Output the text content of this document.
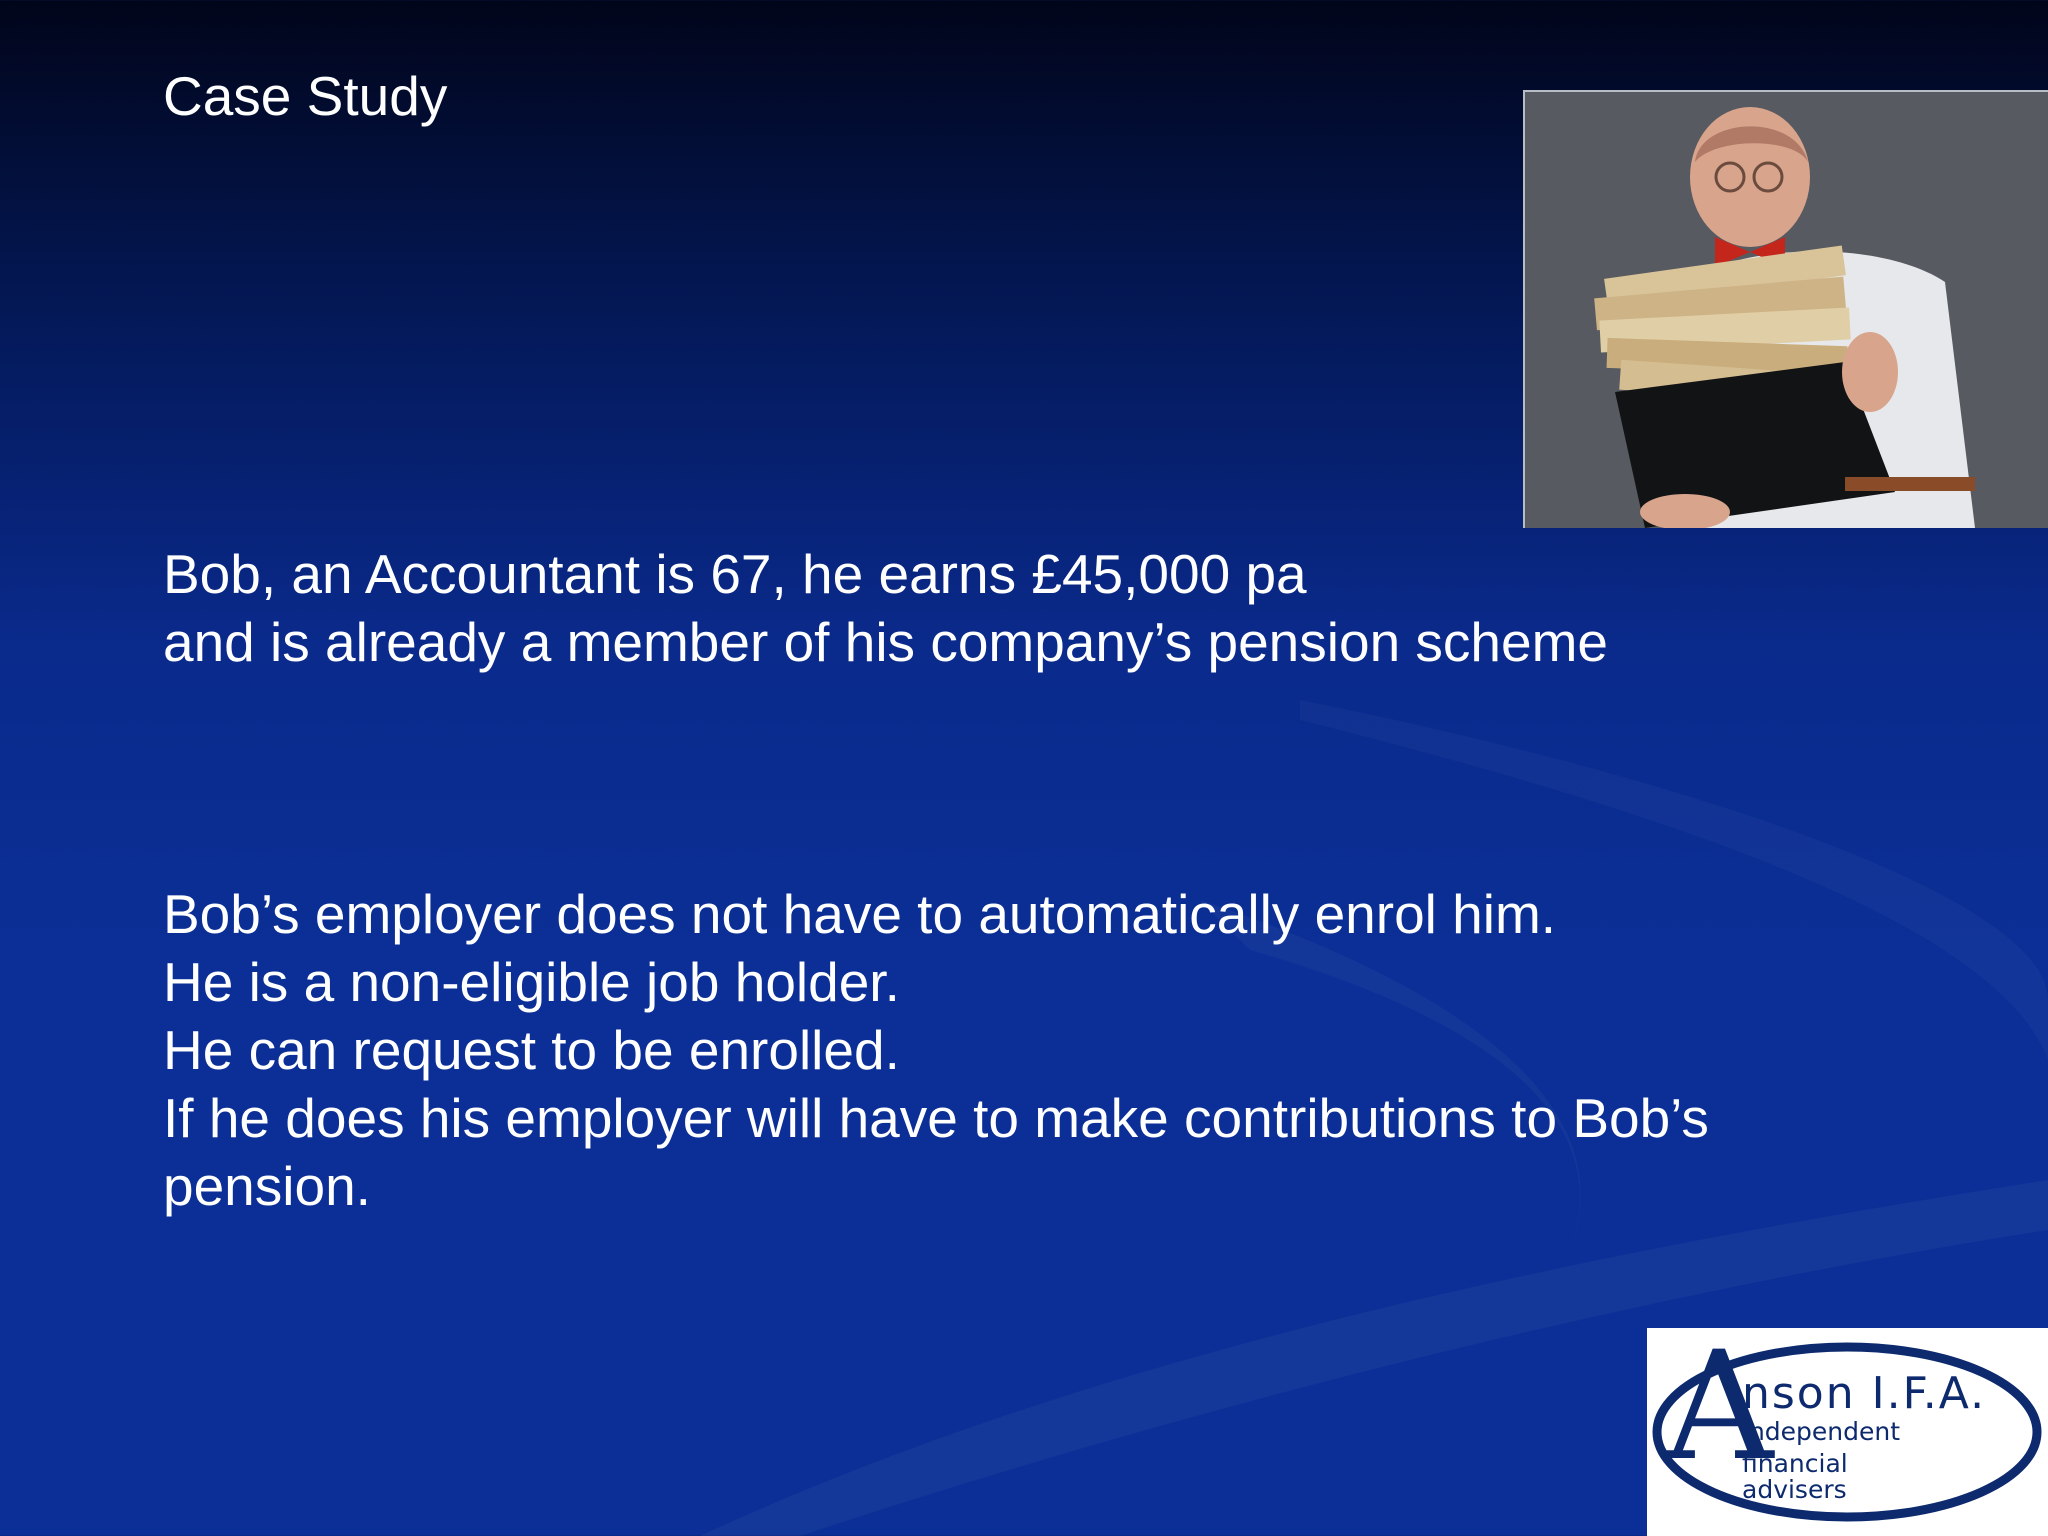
Case Study
Bob, an Accountant is 67, he earns £45,000 pa
and is already a member of his company’s pension scheme
Bob’s employer does not have to automatically enrol him.
He is a non-eligible job holder.
He can request to be enrolled.
If he does his employer will have to make contributions to Bob’s
pension.
A
nson I.F.A.
independent
financial
advisers
